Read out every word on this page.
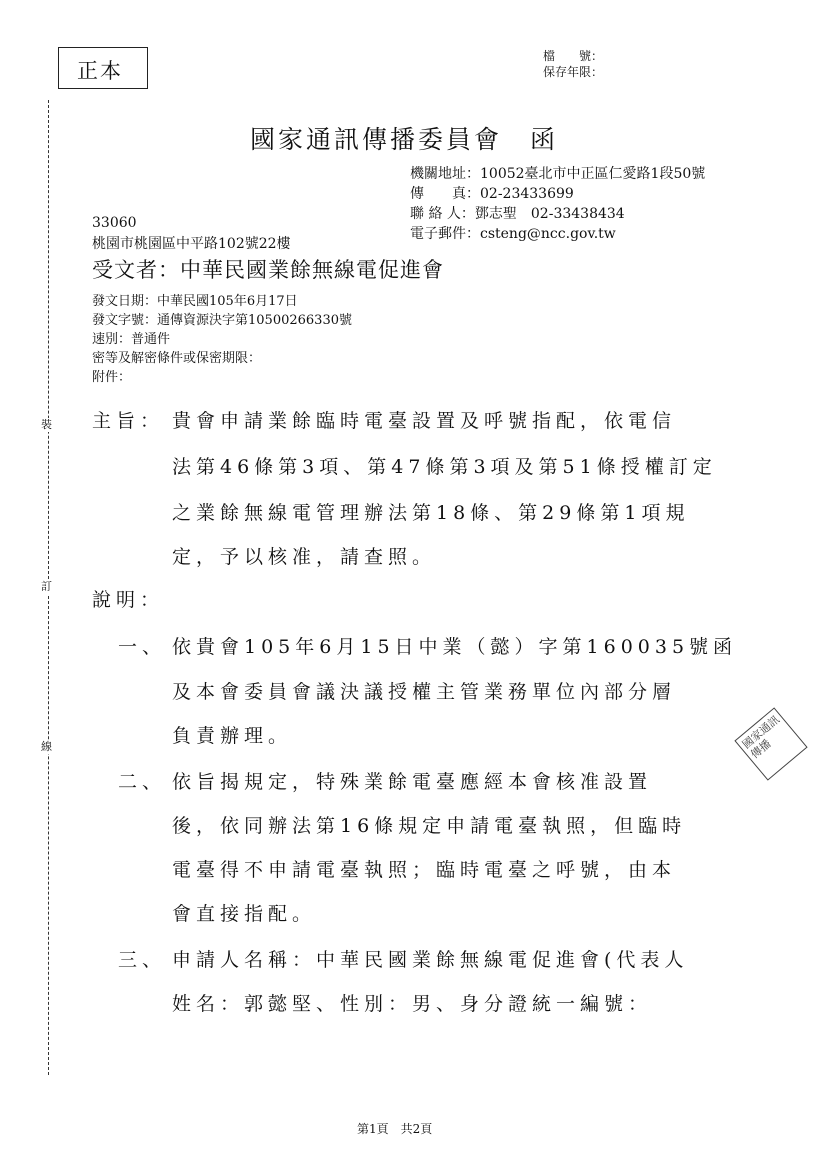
正本
檔　　號：
保存年限：
裝
訂
線
國家通訊傳播委員會　函
機關地址：10052臺北市中正區仁愛路1段50號
傳　　真：02-23433699
聯 絡 人：鄧志聖　02-33438434
電子郵件：csteng@ncc.gov.tw
33060
桃園市桃園區中平路102號22樓
受文者：中華民國業餘無線電促進會
發文日期：中華民國105年6月17日
發文字號：通傳資源決字第10500266330號
速別：普通件
密等及解密條件或保密期限：
附件：
主旨： 貴會申請業餘臨時電臺設置及呼號指配，依電信
法第46條第3項、第47條第3項及第51條授權訂定
之業餘無線電管理辦法第18條、第29條第1項規
定，予以核准，請查照。
說明：
一、 依貴會105年6月15日中業（懿）字第160035號函
及本會委員會議決議授權主管業務單位內部分層
負責辦理。
二、 依旨揭規定，特殊業餘電臺應經本會核准設置
後，依同辦法第16條規定申請電臺執照，但臨時
電臺得不申請電臺執照；臨時電臺之呼號，由本
會直接指配。
三、 申請人名稱：中華民國業餘無線電促進會(代表人
姓名：郭懿堅、性別：男、身分證統一編號：
國家通訊傳播
第1頁　共2頁
